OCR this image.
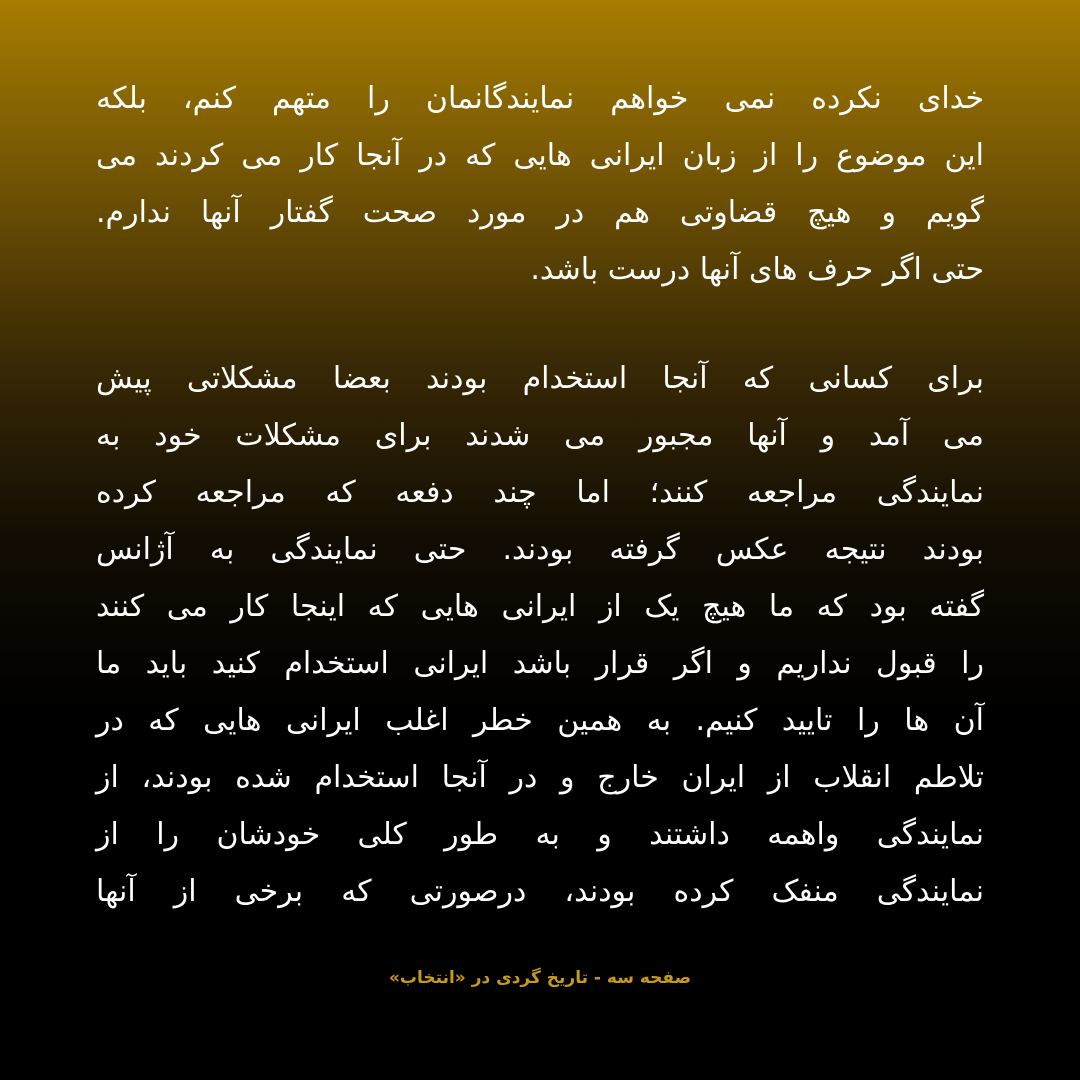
خدای نکرده نمی خواهم نمایندگانمان را متهم کنم، بلکه
این موضوع را از زبان ایرانی هایی که در آنجا کار می کردند می
گویم و هیچ قضاوتی هم در مورد صحت گفتار آنها ندارم.
حتی اگر حرف های آنها درست باشد.
برای کسانی که آنجا استخدام بودند بعضا مشکلاتی پیش
می آمد و آنها مجبور می شدند برای مشکلات خود به
نمایندگی مراجعه کنند؛ اما چند دفعه که مراجعه کرده
بودند نتیجه عکس گرفته بودند. حتی نمایندگی به آژانس
گفته بود که ما هیچ یک از ایرانی هایی که اینجا کار می کنند
را قبول نداریم و اگر قرار باشد ایرانی استخدام کنید باید ما
آن ها را تایید کنیم. به همین خطر اغلب ایرانی هایی که در
تلاطم انقلاب از ایران خارج و در آنجا استخدام شده بودند، از
نمایندگی واهمه داشتند و به طور کلی خودشان را از
نمایندگی منفک کرده بودند، درصورتی که برخی از آنها
صفحه سه - تاریخ گردی در «انتخاب»
